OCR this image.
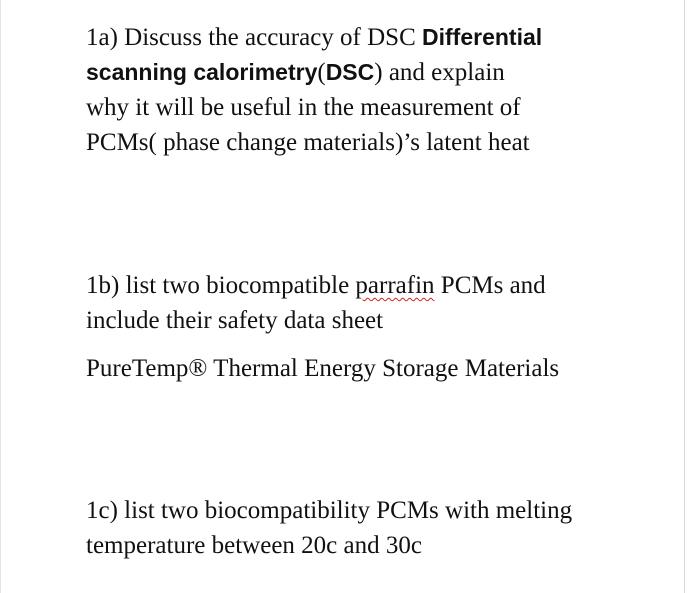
1a) Discuss the accuracy of DSC Differential
scanning calorimetry(DSC) and explain
why it will be useful in the measurement of
PCMs( phase change materials)’s latent heat

1b) list two biocompatible parrafin PCMs and
include their safety data sheet

PureTemp® Thermal Energy Storage Materials

1c) list two biocompatibility PCMs with melting
temperature between 20c and 30c
